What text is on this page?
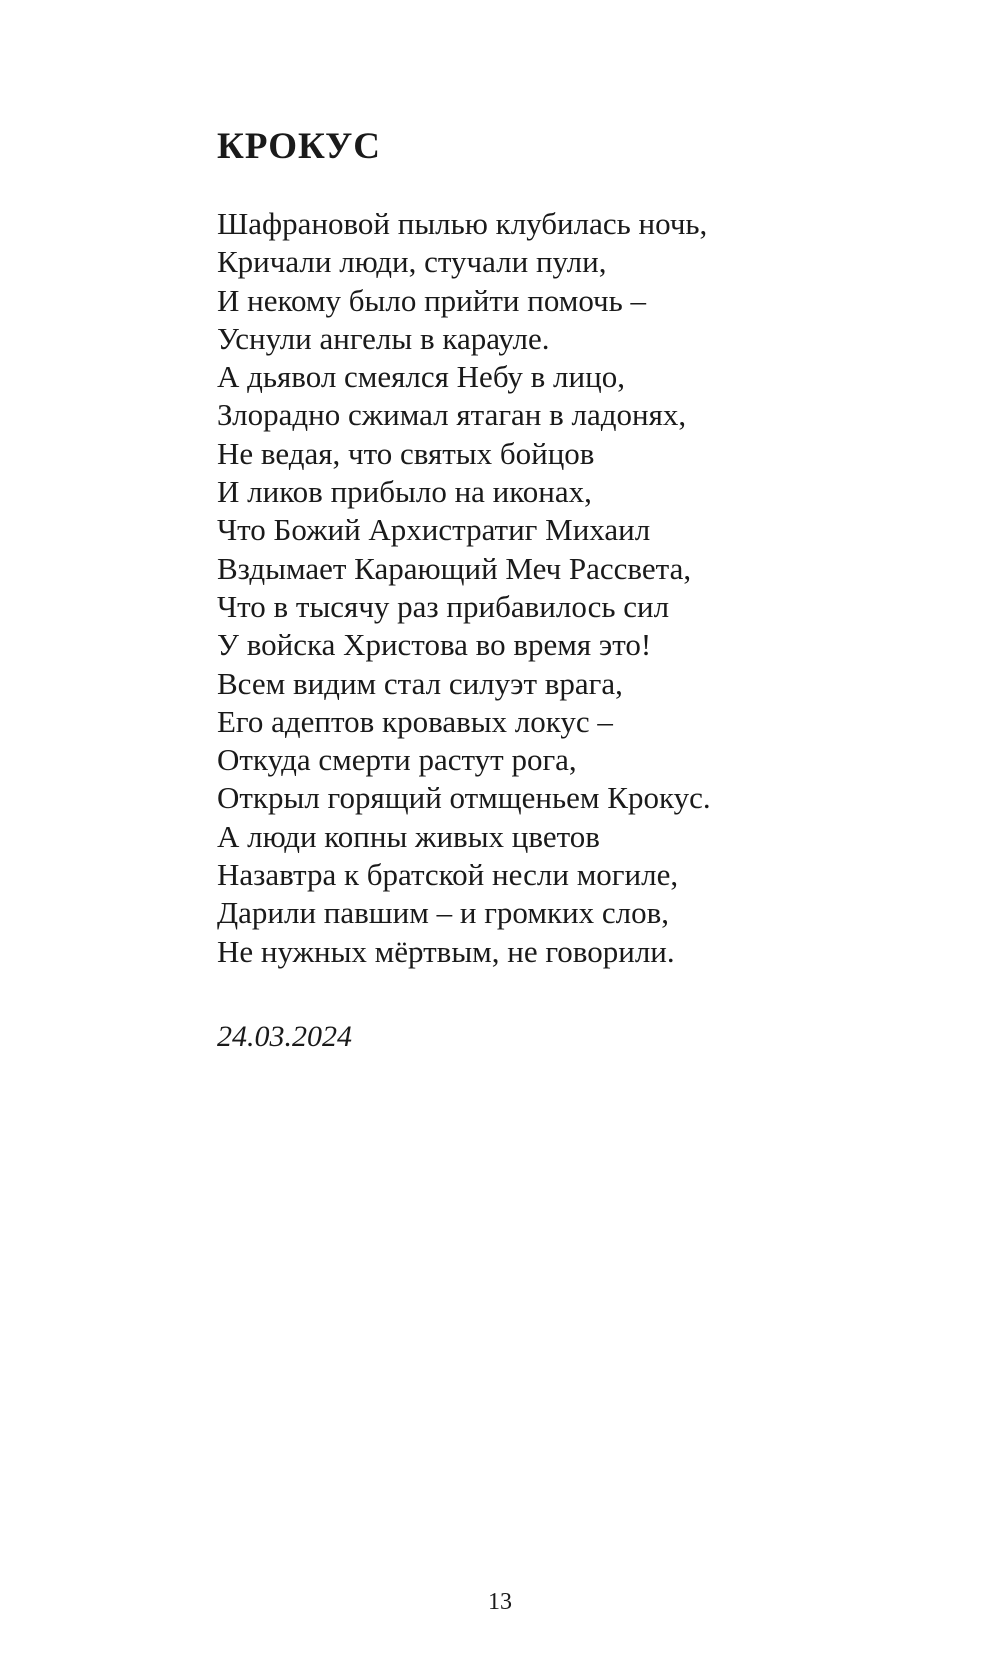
КРОКУС
Шафрановой пылью клубилась ночь,
Кричали люди, стучали пули,
И некому было прийти помочь –
Уснули ангелы в карауле.
А дьявол смеялся Небу в лицо,
Злорадно сжимал ятаган в ладонях,
Не ведая, что святых бойцов
И ликов прибыло на иконах,
Что Божий Архистратиг Михаил
Вздымает Карающий Меч Рассвета,
Что в тысячу раз прибавилось сил
У войска Христова во время это!
Всем видим стал силуэт врага,
Его адептов кровавых локус –
Откуда смерти растут рога,
Открыл горящий отмщеньем Крокус.
А люди копны живых цветов
Назавтра к братской несли могиле,
Дарили павшим – и громких слов,
Не нужных мёртвым, не говорили.

24.03.2024

13
